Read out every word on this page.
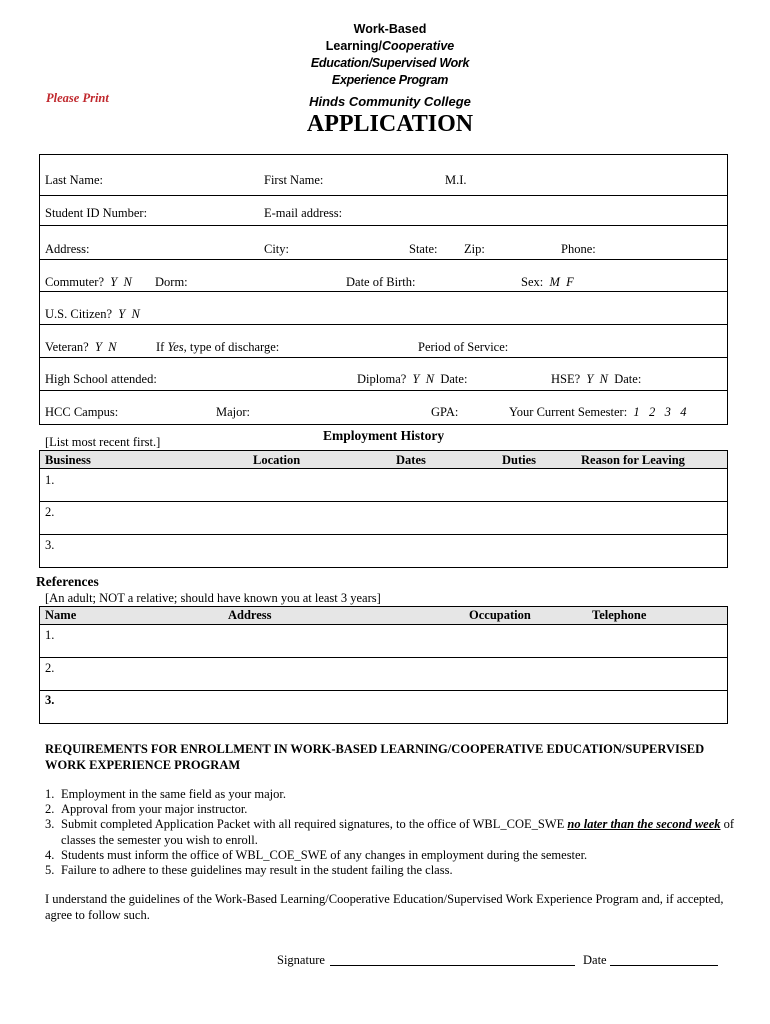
Work-Based
Learning/Cooperative
Education/Supervised Work
Experience Program
Hinds Community College
Please Print
APPLICATION
Last Name:	First Name:	M.I.
Student ID Number:	E-mail address:
Address:	City:	State: Zip:	Phone:
Commuter? Y  N Dorm:	Date of Birth:	Sex: M  F
U.S. Citizen? Y  N
Veteran? Y  N	If Yes, type of discharge:	Period of Service:
High School attended:	Diploma? Y  N Date:	HSE? Y  N Date:
HCC Campus:	Major:	GPA:	Your Current Semester: 1   2   3   4
Employment History
[List most recent first.]
Business	Location	Dates	Duties	Reason for Leaving
1.
2.
3.
References
[An adult; NOT a relative; should have known you at least 3 years]
Name	Address	Occupation	Telephone
1.
2.
3.
REQUIREMENTS FOR ENROLLMENT IN WORK-BASED LEARNING/COOPERATIVE EDUCATION/SUPERVISED WORK EXPERIENCE PROGRAM
1. Employment in the same field as your major.
2. Approval from your major instructor.
3. Submit completed Application Packet with all required signatures, to the office of WBL_COE_SWE no later than the second week of classes the semester you wish to enroll.
4. Students must inform the office of WBL_COE_SWE of any changes in employment during the semester.
5. Failure to adhere to these guidelines may result in the student failing the class.
I understand the guidelines of the Work-Based Learning/Cooperative Education/Supervised Work Experience Program and, if accepted, agree to follow such.
Signature	Date
